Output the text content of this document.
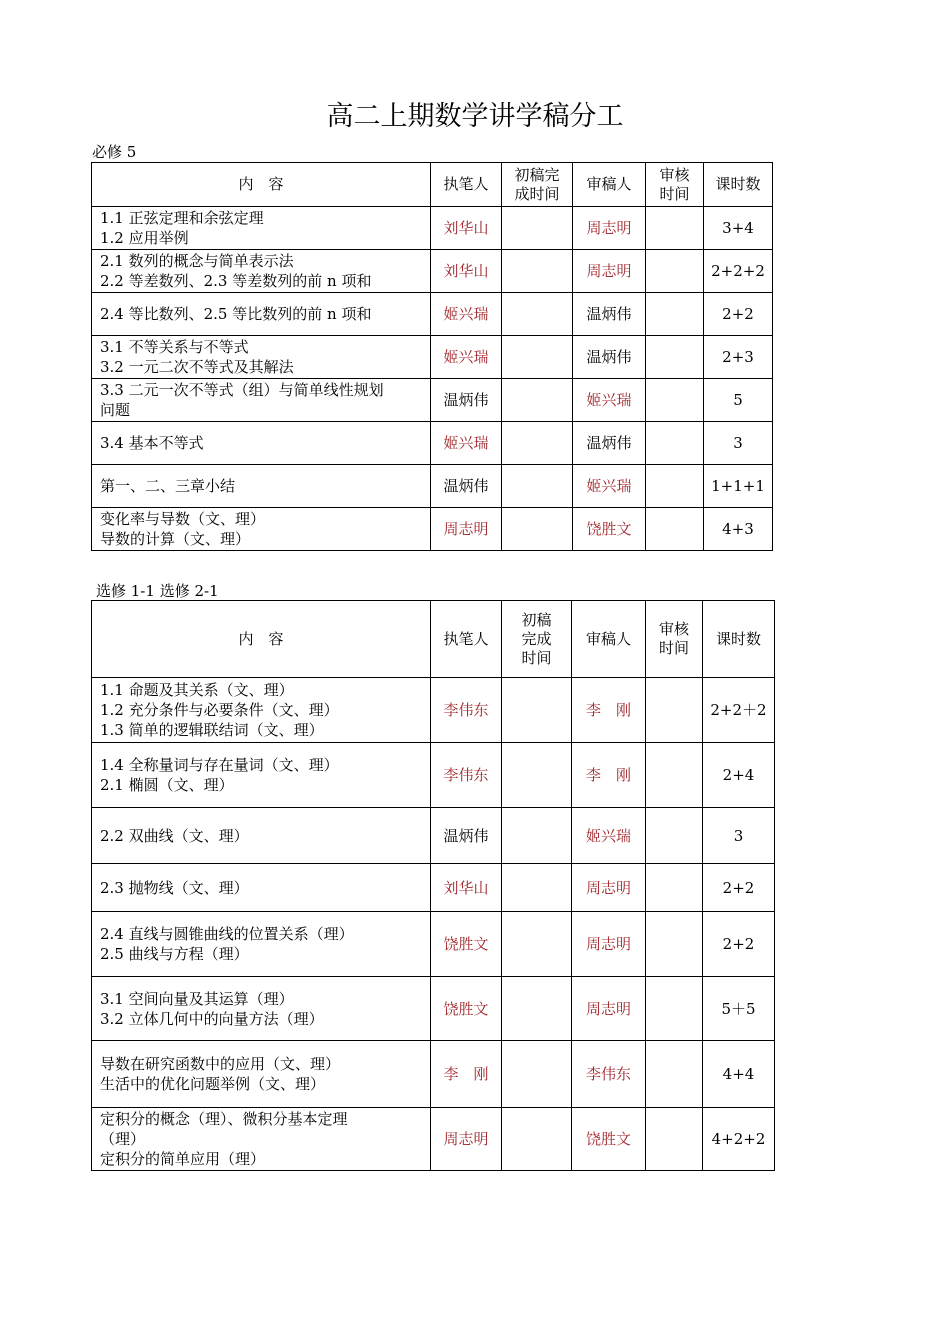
高二上期数学讲学稿分工
必修 5
内　容	执笔人	初稿完成时间	审稿人	审核时间	课时数

1.1 正弦定理和余弦定理
1.2 应用举例	刘华山		周志明		3+4

2.1 数列的概念与简单表示法
2.2 等差数列、2.3 等差数列的前 n 项和	刘华山		周志明		2+2+2

2.4 等比数列、2.5 等比数列的前 n 项和	姬兴瑞		温炳伟		2+2

3.1 不等关系与不等式
3.2 一元二次不等式及其解法	姬兴瑞		温炳伟		2+3

3.3 二元一次不等式（组）与简单线性规划
问题	温炳伟		姬兴瑞		5

3.4 基本不等式	姬兴瑞		温炳伟		3

第一、二、三章小结	温炳伟		姬兴瑞		1+1+1

变化率与导数（文、理）
导数的计算（文、理）	周志明		饶胜文		4+3
选修 1-1 选修 2-1
内　容	执笔人	初稿完成时间	审稿人	审核时间	课时数

1.1 命题及其关系（文、理）
1.2 充分条件与必要条件（文、理）
1.3 简单的逻辑联结词（文、理）	李伟东		李　刚		2+2＋2

1.4 全称量词与存在量词（文、理）
2.1 椭圆（文、理）	李伟东		李　刚		2+4

2.2 双曲线（文、理）	温炳伟		姬兴瑞		3

2.3 抛物线（文、理）	刘华山		周志明		2+2

2.4 直线与圆锥曲线的位置关系（理）
2.5 曲线与方程（理）	饶胜文		周志明		2+2

3.1 空间向量及其运算（理）
3.2 立体几何中的向量方法（理）	饶胜文		周志明		5＋5

导数在研究函数中的应用（文、理）
生活中的优化问题举例（文、理）	李　刚		李伟东		4+4

定积分的概念（理）、微积分基本定理
（理）
定积分的简单应用（理）	周志明		饶胜文		4+2+2
